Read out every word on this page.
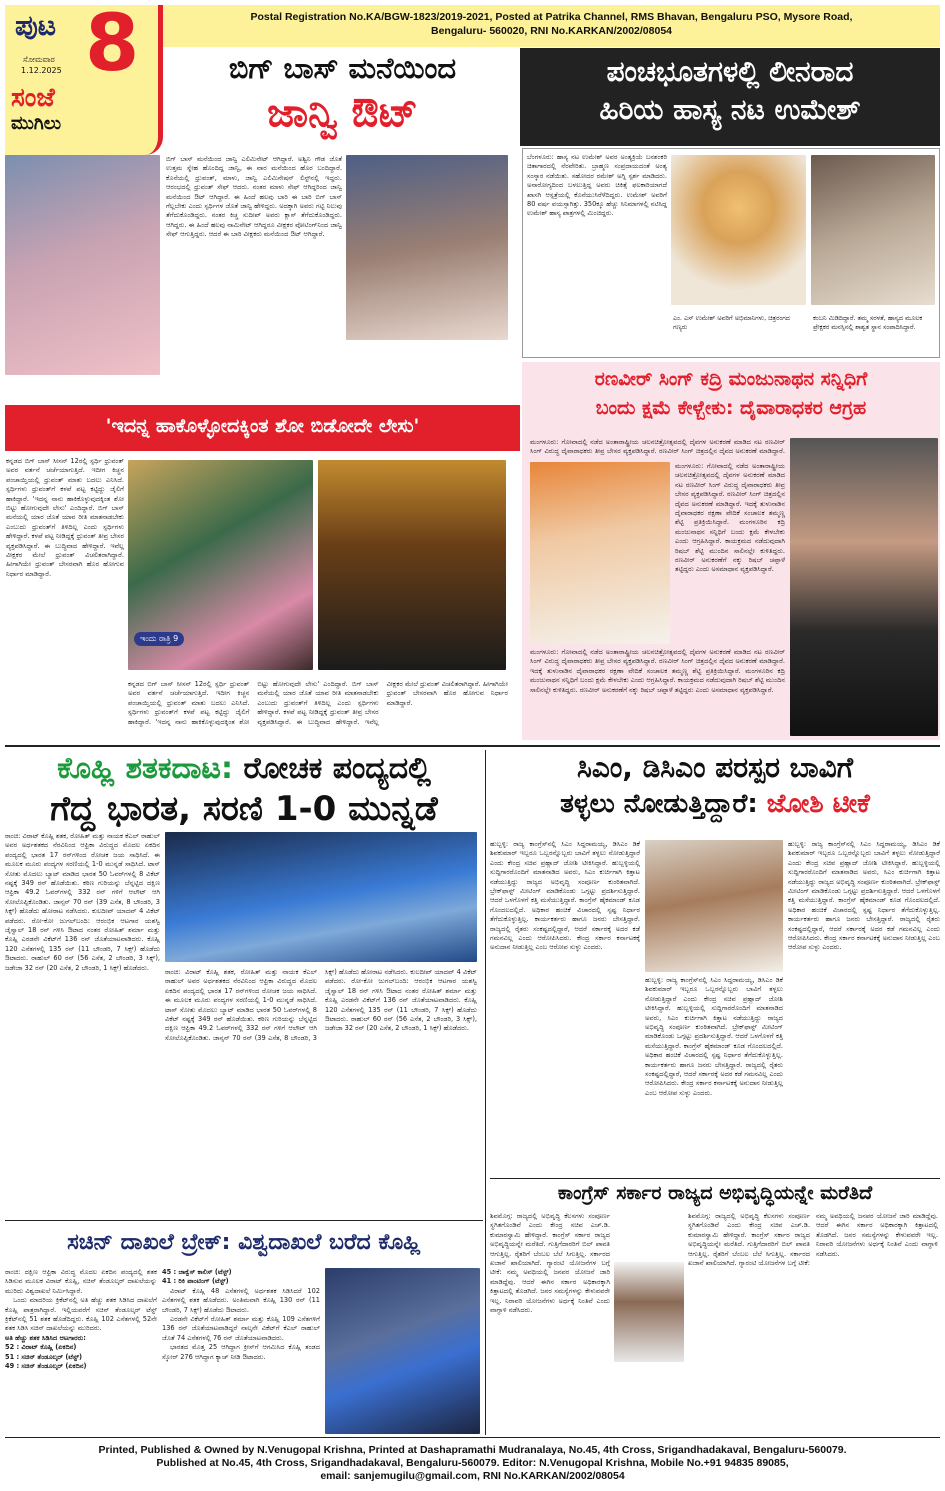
ಪುಟ 8
ಸೋಮವಾರ
1.12.2025
ಸಂಜೆ
ಮುಗಿಲು
Postal Registration No.KA/BGW-1823/2019-2021, Posted at Patrika Channel, RMS Bhavan, Bengaluru PSO, Mysore Road,
Bengaluru- 560020, RNI No.KARKAN/2002/08054
ಬಿಗ್ ಬಾಸ್ ಮನೆಯಿಂದ
ಜಾನ್ವಿ ಔಟ್
ಪಂಚಭೂತಗಳಲ್ಲಿ ಲೀನರಾದ
ಹಿರಿಯ ಹಾಸ್ಯ ನಟ ಉಮೇಶ್
ಬಿಗ್ ಬಾಸ್ ಮನೆಯಿಂದ ಜಾನ್ವಿ ಎಲಿಮಿನೇಟ್ ಆಗಿದ್ದಾರೆ. ಅಶ್ವಿನಿ ಗೌಡ ಜೊತೆ ಉತ್ತಮ ಸ್ನೇಹ ಹೊಂದಿದ್ದ ಜಾನ್ವಿ, ಈ ವಾರ ಮನೆಯಿಂದ ಹೊರ ಬಂದಿದ್ದಾರೆ. ಕೊನೆಯಲ್ಲಿ ಧ್ರುವಂತ್, ಮಾಳು, ಜಾನ್ವಿ ಎಲಿಮಿನೇಷನ್ ಲಿಸ್ಟ್‌ನಲ್ಲಿ ಇದ್ದರು. ಆರಂಭದಲ್ಲಿ ಧ್ರುವಂತ್ ಸೇಫ್ ಆದರು. ನಂತರ ಮಾಳು ಸೇಫ್ ಆಗಿದ್ದರಿಂದ ಜಾನ್ವಿ ಮನೆಯಿಂದ ಔಟ್ ಆಗಿದ್ದಾರೆ. ಈ ಹಿಂದೆ ಹಲವು ಬಾರಿ ಈ ಬಾರಿ ಬಿಗ್ ಬಾಸ್ ಗೆಲ್ಲಬೇಕು ಎಂದು ಸ್ಪರ್ಧಿಗಳ ಜೊತೆ ಜಾನ್ವಿ ಹೇಳಿದ್ದರು. ಅದಕ್ಕಾಗಿ ಅವರು ಗಟ್ಟಿ ನಿಲುವು ತೆಗೆದುಕೊಂಡಿದ್ದರು. ನಂತರ ಕಿಚ್ಚ ಸುದೀಪ್ ಅವರು ಕ್ಲಾಸ್ ತೆಗೆದುಕೊಂಡಿದ್ದರು. ಆಗಿದ್ದರು. ಈ ಹಿಂದೆ ಹಲವು ನಾಮಿನೇಟ್ ಆಗಿದ್ದರೂ ವೀಕ್ಷಕರ ವೋಟಿಂಗ್‌ನಿಂದ ಜಾನ್ವಿ ಸೇಫ್ ಆಗುತ್ತಿದ್ದರು. ಆದರೆ ಈ ಬಾರಿ ವೀಕ್ಷಕರು ಮನೆಯಿಂದ ಔಟ್ ಆಗಿದ್ದಾರೆ.
ಬೆಂಗಳೂರು: ಹಾಸ್ಯ ನಟ ಉಮೇಶ್ ಅವರ ಅಂತ್ಯಕ್ರಿಯೆ ಬನಶಂಕರಿ ಚಿತಾಗಾರದಲ್ಲಿ ನೆರವೇರಿತು. ಬ್ರಾಹ್ಮಣ ಸಂಪ್ರದಾಯದಂತೆ ಅಂತ್ಯ ಸಂಸ್ಕಾರ ನಡೆಯಿತು. ಸಹೋದರ ರಮೇಶ್ ಅಗ್ನಿ ಸ್ಪರ್ಶ ಮಾಡಿದರು. ಅನಾರೋಗ್ಯದಿಂದ ಬಳಲುತ್ತಿದ್ದ ಅವರು ಚಿಕಿತ್ಸೆ ಫಲಕಾರಿಯಾಗದೆ ಖಾಸಗಿ ಆಸ್ಪತ್ರೆಯಲ್ಲಿ ಕೊನೆಯುಸಿರೆಳೆದಿದ್ದರು. ಉಮೇಶ್ ಅವರಿಗೆ 80 ವರ್ಷ ವಯಸ್ಸಾಗಿತ್ತು. 350ಕ್ಕೂ ಹೆಚ್ಚು ಸಿನಿಮಾಗಳಲ್ಲಿ ನಟಿಸಿದ್ದ ಉಮೇಶ್ ಹಾಸ್ಯ ಪಾತ್ರಗಳಲ್ಲಿ ಮಿಂಚಿದ್ದರು.
ಎಂ. ಎಸ್ ಉಮೇಶ್ ಅವರಿಗೆ ಅಭಿಮಾನಿಗಳು, ಚಿತ್ರರಂಗದ ಗಣ್ಯರು
ಕಂಬನಿ ಮಿಡಿದಿದ್ದಾರೆ. ತಮ್ಮ ಸರಳತೆ, ಹಾಸ್ಯದ ಮೂಲಕ ಪ್ರೇಕ್ಷಕರ ಮನಸ್ಸಿನಲ್ಲಿ ಶಾಶ್ವತ ಸ್ಥಾನ ಸಂಪಾದಿಸಿದ್ದಾರೆ.
ರಣವೀರ್ ಸಿಂಗ್ ಕದ್ರಿ ಮಂಜುನಾಥನ ಸನ್ನಿಧಿಗೆ
ಬಂದು ಕ್ಷಮೆ ಕೇಳ್ಬೇಕು: ದೈವಾರಾಧಕರ ಆಗ್ರಹ
'ಇದನ್ನ ಹಾಕೊಳ್ಳೋದಕ್ಕಿಂತ ಶೋ ಬಿಡೋದೇ ಲೇಸು'
ಕನ್ನಡದ ಬಿಗ್ ಬಾಸ್ ಸೀಸನ್ 12ರಲ್ಲಿ ಸ್ಪರ್ಧಿ ಧ್ರುವಂತ್ ಅವರ ವರ್ತನೆ ಚರ್ಚೆಯಾಗುತ್ತಿದೆ. ಇದೀಗ ಕಿಚ್ಚನ ಪಂಚಾಯ್ತಿಯಲ್ಲಿ ಧ್ರುವಂತ್ ಮಾತು ಬದಲು ಎನಿಸಿದೆ. ಸ್ಪರ್ಧಿಗಳು ಧ್ರುವಂತ್‌ಗೆ ಕಳಪೆ ಪಟ್ಟ ಕಟ್ಟಿದ್ದು ಜೈಲಿಗೆ ಹಾಕಿದ್ದಾರೆ. 'ಇದನ್ನ ನಾನು ಹಾಕಿಕೊಳ್ಳುವುದಕ್ಕಿಂತ ಶೋ ಬಿಟ್ಟು ಹೋಗುವುದೇ ಲೇಸು' ಎಂದಿದ್ದಾರೆ. ಬಿಗ್ ಬಾಸ್ ಮನೆಯಲ್ಲಿ ಯಾರ ಜೊತೆ ಯಾವ ರೀತಿ ಮಾತನಾಡಬೇಕು ಎಂಬುದು ಧ್ರುವಂತ್‌ಗೆ ತಿಳಿದಿಲ್ಲ ಎಂದು ಸ್ಪರ್ಧಿಗಳು ಹೇಳಿದ್ದಾರೆ. ಕಳಪೆ ಪಟ್ಟ ನೀಡಿದ್ದಕ್ಕೆ ಧ್ರುವಂತ್ ತೀವ್ರ ಬೇಸರ ವ್ಯಕ್ತಪಡಿಸಿದ್ದಾರೆ. ಈ ಬುದ್ಧಿವಾದ ಹೇಳಿದ್ದಾರೆ. ಇವೆಲ್ಲ ವೀಕ್ಷಕರ ಮೇಲೆ ಧ್ರುವಂತ್ ವಿಚಲಿತರಾಗಿದ್ದಾರೆ. ಹೀಗಾಗಿಯೇ ಧ್ರುವಂತ್ ಬೇಸರವಾಗಿ ಹೊರ ಹೋಗುವ ನಿರ್ಧಾರ ಮಾಡಿದ್ದಾರೆ.
ಇಂದು ರಾತ್ರಿ 9
ಕನ್ನಡದ ಬಿಗ್ ಬಾಸ್ ಸೀಸನ್ 12ರಲ್ಲಿ ಸ್ಪರ್ಧಿ ಧ್ರುವಂತ್ ಅವರ ವರ್ತನೆ ಚರ್ಚೆಯಾಗುತ್ತಿದೆ. ಇದೀಗ ಕಿಚ್ಚನ ಪಂಚಾಯ್ತಿಯಲ್ಲಿ ಧ್ರುವಂತ್ ಮಾತು ಬದಲು ಎನಿಸಿದೆ. ಸ್ಪರ್ಧಿಗಳು ಧ್ರುವಂತ್‌ಗೆ ಕಳಪೆ ಪಟ್ಟ ಕಟ್ಟಿದ್ದು ಜೈಲಿಗೆ ಹಾಕಿದ್ದಾರೆ. 'ಇದನ್ನ ನಾನು ಹಾಕಿಕೊಳ್ಳುವುದಕ್ಕಿಂತ ಶೋ ಬಿಟ್ಟು ಹೋಗುವುದೇ ಲೇಸು' ಎಂದಿದ್ದಾರೆ. ಬಿಗ್ ಬಾಸ್ ಮನೆಯಲ್ಲಿ ಯಾರ ಜೊತೆ ಯಾವ ರೀತಿ ಮಾತನಾಡಬೇಕು ಎಂಬುದು ಧ್ರುವಂತ್‌ಗೆ ತಿಳಿದಿಲ್ಲ ಎಂದು ಸ್ಪರ್ಧಿಗಳು ಹೇಳಿದ್ದಾರೆ. ಕಳಪೆ ಪಟ್ಟ ನೀಡಿದ್ದಕ್ಕೆ ಧ್ರುವಂತ್ ತೀವ್ರ ಬೇಸರ ವ್ಯಕ್ತಪಡಿಸಿದ್ದಾರೆ. ಈ ಬುದ್ಧಿವಾದ ಹೇಳಿದ್ದಾರೆ. ಇವೆಲ್ಲ ವೀಕ್ಷಕರ ಮೇಲೆ ಧ್ರುವಂತ್ ವಿಚಲಿತರಾಗಿದ್ದಾರೆ. ಹೀಗಾಗಿಯೇ ಧ್ರುವಂತ್ ಬೇಸರವಾಗಿ ಹೊರ ಹೋಗುವ ನಿರ್ಧಾರ ಮಾಡಿದ್ದಾರೆ.
ಮಂಗಳೂರು: ಗೋವಾದಲ್ಲಿ ನಡೆದ ಅಂತಾರಾಷ್ಟ್ರೀಯ ಚಲನಚಿತ್ರೋತ್ಸವದಲ್ಲಿ ದೈವಗಳ ಅನುಕರಣೆ ಮಾಡಿದ ನಟ ರಣವೀರ್ ಸಿಂಗ್ ವಿರುದ್ಧ ದೈವಾರಾಧಕರು ತೀವ್ರ ಬೇಸರ ವ್ಯಕ್ತಪಡಿಸಿದ್ದಾರೆ. ರಣವೀರ್ ಸಿಂಗ್ ಚಿತ್ರದಲ್ಲಿನ ದೈವದ ಅನುಕರಣೆ ಮಾಡಿದ್ದಾರೆ.
ಮಂಗಳೂರು: ಗೋವಾದಲ್ಲಿ ನಡೆದ ಅಂತಾರಾಷ್ಟ್ರೀಯ ಚಲನಚಿತ್ರೋತ್ಸವದಲ್ಲಿ ದೈವಗಳ ಅನುಕರಣೆ ಮಾಡಿದ ನಟ ರಣವೀರ್ ಸಿಂಗ್ ವಿರುದ್ಧ ದೈವಾರಾಧಕರು ತೀವ್ರ ಬೇಸರ ವ್ಯಕ್ತಪಡಿಸಿದ್ದಾರೆ. ರಣವೀರ್ ಸಿಂಗ್ ಚಿತ್ರದಲ್ಲಿನ ದೈವದ ಅನುಕರಣೆ ಮಾಡಿದ್ದಾರೆ. ಇದಕ್ಕೆ ತುಳುನಾಡಿನ ದೈವಾರಾಧಕರ ರಕ್ಷಣಾ ವೇದಿಕೆ ಸಂಚಾಲಕ ತಮ್ಮಣ್ಣ ಶೆಟ್ಟಿ ಪ್ರತಿಕ್ರಿಯಿಸಿದ್ದಾರೆ. ಮಂಗಳೂರಿನ ಕದ್ರಿ ಮಂಜುನಾಥನ ಸನ್ನಿಧಿಗೆ ಬಂದು ಕ್ಷಮೆ ಕೇಳಬೇಕು ಎಂದು ಆಗ್ರಹಿಸಿದ್ದಾರೆ. ಕಾಯಕ್ರಮದ ನಡೆದುವುದಾಗಿ ರಿಷಬ್ ಶೆಟ್ಟಿ ಮುಂದಿನ ಸಾಲಿನಲ್ಲೇ ಕುಳಿತಿದ್ದರು. ರಣವೀರ್ ಅನುಕರಣೆಗೆ ನಕ್ಕು ರಿಷಬ್ ಚಪ್ಪಾಳೆ ತಟ್ಟಿದ್ದರು ಎಂದು ಅಸಮಾಧಾನ ವ್ಯಕ್ತಪಡಿಸಿದ್ದಾರೆ.
ಮಂಗಳೂರು: ಗೋವಾದಲ್ಲಿ ನಡೆದ ಅಂತಾರಾಷ್ಟ್ರೀಯ ಚಲನಚಿತ್ರೋತ್ಸವದಲ್ಲಿ ದೈವಗಳ ಅನುಕರಣೆ ಮಾಡಿದ ನಟ ರಣವೀರ್ ಸಿಂಗ್ ವಿರುದ್ಧ ದೈವಾರಾಧಕರು ತೀವ್ರ ಬೇಸರ ವ್ಯಕ್ತಪಡಿಸಿದ್ದಾರೆ. ರಣವೀರ್ ಸಿಂಗ್ ಚಿತ್ರದಲ್ಲಿನ ದೈವದ ಅನುಕರಣೆ ಮಾಡಿದ್ದಾರೆ. ಇದಕ್ಕೆ ತುಳುನಾಡಿನ ದೈವಾರಾಧಕರ ರಕ್ಷಣಾ ವೇದಿಕೆ ಸಂಚಾಲಕ ತಮ್ಮಣ್ಣ ಶೆಟ್ಟಿ ಪ್ರತಿಕ್ರಿಯಿಸಿದ್ದಾರೆ. ಮಂಗಳೂರಿನ ಕದ್ರಿ ಮಂಜುನಾಥನ ಸನ್ನಿಧಿಗೆ ಬಂದು ಕ್ಷಮೆ ಕೇಳಬೇಕು ಎಂದು ಆಗ್ರಹಿಸಿದ್ದಾರೆ. ಕಾಯಕ್ರಮದ ನಡೆದುವುದಾಗಿ ರಿಷಬ್ ಶೆಟ್ಟಿ ಮುಂದಿನ ಸಾಲಿನಲ್ಲೇ ಕುಳಿತಿದ್ದರು. ರಣವೀರ್ ಅನುಕರಣೆಗೆ ನಕ್ಕು ರಿಷಬ್ ಚಪ್ಪಾಳೆ ತಟ್ಟಿದ್ದರು ಎಂದು ಅಸಮಾಧಾನ ವ್ಯಕ್ತಪಡಿಸಿದ್ದಾರೆ.
ಕೊಹ್ಲಿ ಶತಕದಾಟ: ರೋಚಕ ಪಂದ್ಯದಲ್ಲಿ
ಗೆದ್ದ ಭಾರತ, ಸರಣಿ 1-0 ಮುನ್ನಡೆ
ರಾಂಚಿ: ವಿರಾಟ್ ಕೊಹ್ಲಿ ಶತಕ, ರೋಹಿತ್ ಮತ್ತು ನಾಯಕ ಕೆಎಲ್ ರಾಹುಲ್ ಅವರ ಅರ್ಧಶತಕದ ನೆರವಿನಿಂದ ಆಫ್ರಿಕಾ ವಿರುದ್ಧದ ಮೊದಲ ಏಕದಿನ ಪಂದ್ಯದಲ್ಲಿ ಭಾರತ 17 ರನ್‌ಗಳಿಂದ ರೋಚಕ ಜಯ ಸಾಧಿಸಿದೆ. ಈ ಮೂಲಕ ಮೂರು ಪಂದ್ಯಗಳ ಸರಣಿಯಲ್ಲಿ 1-0 ಮುನ್ನಡೆ ಸಾಧಿಸಿದೆ. ಟಾಸ್ ಸೋತು ಮೊದಲು ಬ್ಯಾಟ್ ಮಾಡಿದ ಭಾರತ 50 ಓವರ್‌ಗಳಲ್ಲಿ 8 ವಿಕೆಟ್ ನಷ್ಟಕ್ಕೆ 349 ರನ್ ಹೊಡೆಯಿತು. ಕಠಿಣ ಗುರಿಯನ್ನು ಬೆನ್ನಟ್ಟಿದ ದಕ್ಷಿಣ ಆಫ್ರಿಕಾ 49.2 ಓವರ್‌ಗಳಲ್ಲಿ 332 ರನ್ ಗಳಿಗೆ ಆಲೌಟ್ ಆಗಿ ಸೋಲೊಪ್ಪಿಕೊಂಡಿತು. ಜಾನ್ಸನ್ 70 ರನ್ (39 ಎಸೆತ, 8 ಬೌಂಡರಿ, 3 ಸಿಕ್ಸ್) ಹೊಡೆದು ಹೋರಾಟ ನಡೆಸಿದರು. ಕುಲದೀಪ್ ಯಾದವ್ 4 ವಿಕೆಟ್ ಪಡೆದರು. ರೋ-ಕೋ ಜುಗಲ್‌ಬಂದಿ: ಆರಂಭಿಕ ಆಟಗಾರ ಯಶಸ್ವಿ ಜೈಸ್ವಾಲ್ 18 ರನ್ ಗಳಿಸಿ ಔಟಾದ ನಂತರ ರೋಹಿತ್ ಶರ್ಮಾ ಮತ್ತು ಕೊಹ್ಲಿ ಎರಡನೇ ವಿಕೆಟ್‌ಗೆ 136 ರನ್ ಜೊತೆಯಾಟವಾಡಿದರು. ಕೊಹ್ಲಿ 120 ಎಸೆತಗಳಲ್ಲಿ 135 ರನ್ (11 ಬೌಂಡರಿ, 7 ಸಿಕ್ಸ್) ಹೊಡೆದು ಔಟಾದರು. ರಾಹುಲ್ 60 ರನ್ (56 ಎಸೆತ, 2 ಬೌಂಡರಿ, 3 ಸಿಕ್ಸ್), ಜಡೇಜಾ 32 ರನ್ (20 ಎಸೆತ, 2 ಬೌಂಡರಿ, 1 ಸಿಕ್ಸ್) ಹೊಡೆದರು.
ರಾಂಚಿ: ವಿರಾಟ್ ಕೊಹ್ಲಿ ಶತಕ, ರೋಹಿತ್ ಮತ್ತು ನಾಯಕ ಕೆಎಲ್ ರಾಹುಲ್ ಅವರ ಅರ್ಧಶತಕದ ನೆರವಿನಿಂದ ಆಫ್ರಿಕಾ ವಿರುದ್ಧದ ಮೊದಲ ಏಕದಿನ ಪಂದ್ಯದಲ್ಲಿ ಭಾರತ 17 ರನ್‌ಗಳಿಂದ ರೋಚಕ ಜಯ ಸಾಧಿಸಿದೆ. ಈ ಮೂಲಕ ಮೂರು ಪಂದ್ಯಗಳ ಸರಣಿಯಲ್ಲಿ 1-0 ಮುನ್ನಡೆ ಸಾಧಿಸಿದೆ. ಟಾಸ್ ಸೋತು ಮೊದಲು ಬ್ಯಾಟ್ ಮಾಡಿದ ಭಾರತ 50 ಓವರ್‌ಗಳಲ್ಲಿ 8 ವಿಕೆಟ್ ನಷ್ಟಕ್ಕೆ 349 ರನ್ ಹೊಡೆಯಿತು. ಕಠಿಣ ಗುರಿಯನ್ನು ಬೆನ್ನಟ್ಟಿದ ದಕ್ಷಿಣ ಆಫ್ರಿಕಾ 49.2 ಓವರ್‌ಗಳಲ್ಲಿ 332 ರನ್ ಗಳಿಗೆ ಆಲೌಟ್ ಆಗಿ ಸೋಲೊಪ್ಪಿಕೊಂಡಿತು. ಜಾನ್ಸನ್ 70 ರನ್ (39 ಎಸೆತ, 8 ಬೌಂಡರಿ, 3 ಸಿಕ್ಸ್) ಹೊಡೆದು ಹೋರಾಟ ನಡೆಸಿದರು. ಕುಲದೀಪ್ ಯಾದವ್ 4 ವಿಕೆಟ್ ಪಡೆದರು. ರೋ-ಕೋ ಜುಗಲ್‌ಬಂದಿ: ಆರಂಭಿಕ ಆಟಗಾರ ಯಶಸ್ವಿ ಜೈಸ್ವಾಲ್ 18 ರನ್ ಗಳಿಸಿ ಔಟಾದ ನಂತರ ರೋಹಿತ್ ಶರ್ಮಾ ಮತ್ತು ಕೊಹ್ಲಿ ಎರಡನೇ ವಿಕೆಟ್‌ಗೆ 136 ರನ್ ಜೊತೆಯಾಟವಾಡಿದರು. ಕೊಹ್ಲಿ 120 ಎಸೆತಗಳಲ್ಲಿ 135 ರನ್ (11 ಬೌಂಡರಿ, 7 ಸಿಕ್ಸ್) ಹೊಡೆದು ಔಟಾದರು. ರಾಹುಲ್ 60 ರನ್ (56 ಎಸೆತ, 2 ಬೌಂಡರಿ, 3 ಸಿಕ್ಸ್), ಜಡೇಜಾ 32 ರನ್ (20 ಎಸೆತ, 2 ಬೌಂಡರಿ, 1 ಸಿಕ್ಸ್) ಹೊಡೆದರು.
ಸಿಎಂ, ಡಿಸಿಎಂ ಪರಸ್ಪರ ಬಾವಿಗೆ
ತಳ್ಳಲು ನೋಡುತ್ತಿದ್ದಾರೆ: ಜೋಶಿ ಟೀಕೆ
ಹುಬ್ಬಳ್ಳಿ: ರಾಜ್ಯ ಕಾಂಗ್ರೆಸ್‌ನಲ್ಲಿ ಸಿಎಂ ಸಿದ್ದರಾಮಯ್ಯ, ಡಿಸಿಎಂ ಡಿಕೆ ಶಿವಕುಮಾರ್ ಇಬ್ಬರೂ ಒಬ್ಬರನ್ನೊಬ್ಬರು ಬಾವಿಗೆ ತಳ್ಳಲು ನೋಡುತ್ತಿದ್ದಾರೆ ಎಂದು ಕೇಂದ್ರ ಸಚಿವ ಪ್ರಹ್ಲಾದ್ ಜೋಶಿ ಟೀಕಿಸಿದ್ದಾರೆ. ಹುಬ್ಬಳ್ಳಿಯಲ್ಲಿ ಸುದ್ದಿಗಾರರೊಂದಿಗೆ ಮಾತನಾಡಿದ ಅವರು, ಸಿಎಂ ಕುರ್ಚಿಗಾಗಿ ಕಿತ್ತಾಟ ನಡೆಯುತ್ತಿದ್ದು ರಾಜ್ಯದ ಅಭಿವೃದ್ಧಿ ಸಂಪೂರ್ಣ ಕುಂಠಿತವಾಗಿದೆ. ಬ್ರೇಕ್‌ಫಾಸ್ಟ್ ಮೀಟಿಂಗ್ ಮಾಡಿಕೊಂಡು ಒಗ್ಗಟ್ಟು ಪ್ರದರ್ಶಿಸುತ್ತಿದ್ದಾರೆ. ಆದರೆ ಒಳಗೊಳಗೆ ಕತ್ತಿ ಮಸೆಯುತ್ತಿದ್ದಾರೆ. ಕಾಂಗ್ರೆಸ್ ಹೈಕಮಾಂಡ್ ಕೂಡ ಗೊಂದಲದಲ್ಲಿದೆ. ಅಧಿಕಾರ ಹಂಚಿಕೆ ವಿಚಾರದಲ್ಲಿ ಸ್ಪಷ್ಟ ನಿರ್ಧಾರ ತೆಗೆದುಕೊಳ್ಳುತ್ತಿಲ್ಲ. ಕಾರ್ಯಕರ್ತರು ಹಾಗೂ ಜನರು ಬೇಸತ್ತಿದ್ದಾರೆ. ರಾಜ್ಯದಲ್ಲಿ ರೈತರು ಸಂಕಷ್ಟದಲ್ಲಿದ್ದಾರೆ, ಆದರೆ ಸರ್ಕಾರಕ್ಕೆ ಅದರ ಕಡೆ ಗಮನವಿಲ್ಲ ಎಂದು ಆರೋಪಿಸಿದರು. ಕೇಂದ್ರ ಸರ್ಕಾರ ಕರ್ನಾಟಕಕ್ಕೆ ಅನುದಾನ ನೀಡುತ್ತಿಲ್ಲ ಎಂಬ ಆರೋಪ ಸುಳ್ಳು ಎಂದರು.
ಹುಬ್ಬಳ್ಳಿ: ರಾಜ್ಯ ಕಾಂಗ್ರೆಸ್‌ನಲ್ಲಿ ಸಿಎಂ ಸಿದ್ದರಾಮಯ್ಯ, ಡಿಸಿಎಂ ಡಿಕೆ ಶಿವಕುಮಾರ್ ಇಬ್ಬರೂ ಒಬ್ಬರನ್ನೊಬ್ಬರು ಬಾವಿಗೆ ತಳ್ಳಲು ನೋಡುತ್ತಿದ್ದಾರೆ ಎಂದು ಕೇಂದ್ರ ಸಚಿವ ಪ್ರಹ್ಲಾದ್ ಜೋಶಿ ಟೀಕಿಸಿದ್ದಾರೆ. ಹುಬ್ಬಳ್ಳಿಯಲ್ಲಿ ಸುದ್ದಿಗಾರರೊಂದಿಗೆ ಮಾತನಾಡಿದ ಅವರು, ಸಿಎಂ ಕುರ್ಚಿಗಾಗಿ ಕಿತ್ತಾಟ ನಡೆಯುತ್ತಿದ್ದು ರಾಜ್ಯದ ಅಭಿವೃದ್ಧಿ ಸಂಪೂರ್ಣ ಕುಂಠಿತವಾಗಿದೆ. ಬ್ರೇಕ್‌ಫಾಸ್ಟ್ ಮೀಟಿಂಗ್ ಮಾಡಿಕೊಂಡು ಒಗ್ಗಟ್ಟು ಪ್ರದರ್ಶಿಸುತ್ತಿದ್ದಾರೆ. ಆದರೆ ಒಳಗೊಳಗೆ ಕತ್ತಿ ಮಸೆಯುತ್ತಿದ್ದಾರೆ. ಕಾಂಗ್ರೆಸ್ ಹೈಕಮಾಂಡ್ ಕೂಡ ಗೊಂದಲದಲ್ಲಿದೆ. ಅಧಿಕಾರ ಹಂಚಿಕೆ ವಿಚಾರದಲ್ಲಿ ಸ್ಪಷ್ಟ ನಿರ್ಧಾರ ತೆಗೆದುಕೊಳ್ಳುತ್ತಿಲ್ಲ. ಕಾರ್ಯಕರ್ತರು ಹಾಗೂ ಜನರು ಬೇಸತ್ತಿದ್ದಾರೆ. ರಾಜ್ಯದಲ್ಲಿ ರೈತರು ಸಂಕಷ್ಟದಲ್ಲಿದ್ದಾರೆ, ಆದರೆ ಸರ್ಕಾರಕ್ಕೆ ಅದರ ಕಡೆ ಗಮನವಿಲ್ಲ ಎಂದು ಆರೋಪಿಸಿದರು. ಕೇಂದ್ರ ಸರ್ಕಾರ ಕರ್ನಾಟಕಕ್ಕೆ ಅನುದಾನ ನೀಡುತ್ತಿಲ್ಲ ಎಂಬ ಆರೋಪ ಸುಳ್ಳು ಎಂದರು.
ಹುಬ್ಬಳ್ಳಿ: ರಾಜ್ಯ ಕಾಂಗ್ರೆಸ್‌ನಲ್ಲಿ ಸಿಎಂ ಸಿದ್ದರಾಮಯ್ಯ, ಡಿಸಿಎಂ ಡಿಕೆ ಶಿವಕುಮಾರ್ ಇಬ್ಬರೂ ಒಬ್ಬರನ್ನೊಬ್ಬರು ಬಾವಿಗೆ ತಳ್ಳಲು ನೋಡುತ್ತಿದ್ದಾರೆ ಎಂದು ಕೇಂದ್ರ ಸಚಿವ ಪ್ರಹ್ಲಾದ್ ಜೋಶಿ ಟೀಕಿಸಿದ್ದಾರೆ. ಹುಬ್ಬಳ್ಳಿಯಲ್ಲಿ ಸುದ್ದಿಗಾರರೊಂದಿಗೆ ಮಾತನಾಡಿದ ಅವರು, ಸಿಎಂ ಕುರ್ಚಿಗಾಗಿ ಕಿತ್ತಾಟ ನಡೆಯುತ್ತಿದ್ದು ರಾಜ್ಯದ ಅಭಿವೃದ್ಧಿ ಸಂಪೂರ್ಣ ಕುಂಠಿತವಾಗಿದೆ. ಬ್ರೇಕ್‌ಫಾಸ್ಟ್ ಮೀಟಿಂಗ್ ಮಾಡಿಕೊಂಡು ಒಗ್ಗಟ್ಟು ಪ್ರದರ್ಶಿಸುತ್ತಿದ್ದಾರೆ. ಆದರೆ ಒಳಗೊಳಗೆ ಕತ್ತಿ ಮಸೆಯುತ್ತಿದ್ದಾರೆ. ಕಾಂಗ್ರೆಸ್ ಹೈಕಮಾಂಡ್ ಕೂಡ ಗೊಂದಲದಲ್ಲಿದೆ. ಅಧಿಕಾರ ಹಂಚಿಕೆ ವಿಚಾರದಲ್ಲಿ ಸ್ಪಷ್ಟ ನಿರ್ಧಾರ ತೆಗೆದುಕೊಳ್ಳುತ್ತಿಲ್ಲ. ಕಾರ್ಯಕರ್ತರು ಹಾಗೂ ಜನರು ಬೇಸತ್ತಿದ್ದಾರೆ. ರಾಜ್ಯದಲ್ಲಿ ರೈತರು ಸಂಕಷ್ಟದಲ್ಲಿದ್ದಾರೆ, ಆದರೆ ಸರ್ಕಾರಕ್ಕೆ ಅದರ ಕಡೆ ಗಮನವಿಲ್ಲ ಎಂದು ಆರೋಪಿಸಿದರು. ಕೇಂದ್ರ ಸರ್ಕಾರ ಕರ್ನಾಟಕಕ್ಕೆ ಅನುದಾನ ನೀಡುತ್ತಿಲ್ಲ ಎಂಬ ಆರೋಪ ಸುಳ್ಳು ಎಂದರು.
ಕಾಂಗ್ರೆಸ್ ಸರ್ಕಾರ ರಾಜ್ಯದ ಅಭಿವೃದ್ಧಿಯನ್ನೇ ಮರೆತಿದೆ
ಶಿವಮೊಗ್ಗ: ರಾಜ್ಯದಲ್ಲಿ ಅಭಿವೃದ್ಧಿ ಕೆಲಸಗಳು ಸಂಪೂರ್ಣ ಸ್ಥಗಿತಗೊಂಡಿವೆ ಎಂದು ಕೇಂದ್ರ ಸಚಿವ ಎಚ್.ಡಿ. ಕುಮಾರಸ್ವಾಮಿ ಹೇಳಿದ್ದಾರೆ. ಕಾಂಗ್ರೆಸ್ ಸರ್ಕಾರ ರಾಜ್ಯದ ಅಭಿವೃದ್ಧಿಯನ್ನೇ ಮರೆತಿದೆ. ಗುತ್ತಿಗೆದಾರರಿಗೆ ಬಿಲ್ ಪಾವತಿ ಆಗುತ್ತಿಲ್ಲ. ರೈತರಿಗೆ ಬೆಂಬಲ ಬೆಲೆ ಸಿಗುತ್ತಿಲ್ಲ. ಸರ್ಕಾರದ ಖಜಾನೆ ಖಾಲಿಯಾಗಿದೆ. ಗ್ಯಾರಂಟಿ ಯೋಜನೆಗಳ ಬಗ್ಗೆ ಟೀಕೆ: ನಮ್ಮ ಅವಧಿಯಲ್ಲಿ ಜನಪರ ಯೋಜನೆ ಜಾರಿ ಮಾಡಿದ್ದೆವು. ಆದರೆ ಈಗಿನ ಸರ್ಕಾರ ಅಧಿಕಾರಕ್ಕಾಗಿ ಕಿತ್ತಾಟದಲ್ಲಿ ತೊಡಗಿದೆ. ಜನರ ಸಮಸ್ಯೆಗಳನ್ನು ಕೇಳುವವರೇ ಇಲ್ಲ. ನಿರಾವರಿ ಯೋಜನೆಗಳು ಅರ್ಧಕ್ಕೆ ನಿಂತಿವೆ ಎಂದು ವಾಗ್ದಾಳಿ ನಡೆಸಿದರು.
ಶಿವಮೊಗ್ಗ: ರಾಜ್ಯದಲ್ಲಿ ಅಭಿವೃದ್ಧಿ ಕೆಲಸಗಳು ಸಂಪೂರ್ಣ ಸ್ಥಗಿತಗೊಂಡಿವೆ ಎಂದು ಕೇಂದ್ರ ಸಚಿವ ಎಚ್.ಡಿ. ಕುಮಾರಸ್ವಾಮಿ ಹೇಳಿದ್ದಾರೆ. ಕಾಂಗ್ರೆಸ್ ಸರ್ಕಾರ ರಾಜ್ಯದ ಅಭಿವೃದ್ಧಿಯನ್ನೇ ಮರೆತಿದೆ. ಗುತ್ತಿಗೆದಾರರಿಗೆ ಬಿಲ್ ಪಾವತಿ ಆಗುತ್ತಿಲ್ಲ. ರೈತರಿಗೆ ಬೆಂಬಲ ಬೆಲೆ ಸಿಗುತ್ತಿಲ್ಲ. ಸರ್ಕಾರದ ಖಜಾನೆ ಖಾಲಿಯಾಗಿದೆ. ಗ್ಯಾರಂಟಿ ಯೋಜನೆಗಳ ಬಗ್ಗೆ ಟೀಕೆ: ನಮ್ಮ ಅವಧಿಯಲ್ಲಿ ಜನಪರ ಯೋಜನೆ ಜಾರಿ ಮಾಡಿದ್ದೆವು. ಆದರೆ ಈಗಿನ ಸರ್ಕಾರ ಅಧಿಕಾರಕ್ಕಾಗಿ ಕಿತ್ತಾಟದಲ್ಲಿ ತೊಡಗಿದೆ. ಜನರ ಸಮಸ್ಯೆಗಳನ್ನು ಕೇಳುವವರೇ ಇಲ್ಲ. ನಿರಾವರಿ ಯೋಜನೆಗಳು ಅರ್ಧಕ್ಕೆ ನಿಂತಿವೆ ಎಂದು ವಾಗ್ದಾಳಿ ನಡೆಸಿದರು.
ಸಚಿನ್ ದಾಖಲೆ ಬ್ರೇಕ್: ವಿಶ್ವದಾಖಲೆ ಬರೆದ ಕೊಹ್ಲಿ

ರಾಂಚಿ: ದಕ್ಷಿಣ ಆಫ್ರಿಕಾ ವಿರುದ್ಧ ಮೊದಲ ಏಕದಿನ ಪಂದ್ಯದಲ್ಲಿ ಶತಕ ಸಿಡಿಸುವ ಮೂಲಕ ವಿರಾಟ್ ಕೊಹ್ಲಿ, ಸಚಿನ್ ತೆಂಡೂಲ್ಕರ್ ದಾಖಲೆಯನ್ನು ಮುರಿದು ವಿಶ್ವದಾಖಲೆ ನಿರ್ಮಿಸಿದ್ದಾರೆ.

ಒಂದು ಮಾದರಿಯ ಕ್ರಿಕೆಟ್‌ನಲ್ಲಿ ಅತಿ ಹೆಚ್ಚು ಶತಕ ಸಿಡಿಸಿದ ದಾಖಲೆಗೆ ಕೊಹ್ಲಿ ಪಾತ್ರರಾಗಿದ್ದಾರೆ. ಇಲ್ಲಿಯವರೆಗೆ ಸಚಿನ್ ತೆಂಡೂಲ್ಕರ್ ಟೆಸ್ಟ್ ಕ್ರಿಕೆಟ್‌ನಲ್ಲಿ 51 ಶತಕ ಹೊಡೆದಿದ್ದರು. ಕೊಹ್ಲಿ 102 ಎಸೆತಗಳಲ್ಲಿ 52ನೇ ಶತಕ ಸಿಡಿಸಿ ಸಚಿನ್ ದಾಖಲೆಯನ್ನು ಮುರಿದರು.

ಅತಿ ಹೆಚ್ಚು ಶತಕ ಸಿಡಿಸಿದ ಆಟಗಾರರು:
52 : ವಿರಾಟ್ ಕೊಹ್ಲಿ (ಏಕದಿನ)
51 : ಸಚಿನ್ ತೆಂಡೂಲ್ಕರ್ (ಟೆಸ್ಟ್)
49 : ಸಚಿನ್ ತೆಂಡೂಲ್ಕರ್ (ಏಕದಿನ)
45 : ಜಾಕ್ವೆಸ್ ಕಾಲಿಸ್ (ಟೆಸ್ಟ್)
41 : ರಿಕಿ ಪಾಂಟಿಂಗ್ (ಟೆಸ್ಟ್)

ವಿರಾಟ್ ಕೊಹ್ಲಿ 48 ಎಸೆತಗಳಲ್ಲಿ ಅರ್ಧಶತಕ ಸಿಡಿಸಿದರೆ 102 ಎಸೆತಗಳಲ್ಲಿ ಶತಕ ಹೊಡೆದರು. ಅಂತಿಮವಾಗಿ ಕೊಹ್ಲಿ 130 ರನ್ (11 ಬೌಂಡರಿ, 7 ಸಿಕ್ಸ್) ಹೊಡೆದು ಔಟಾದರು.

ಎರಡನೇ ವಿಕೆಟ್‌ಗೆ ರೋಹಿತ್ ಶರ್ಮಾ ಮತ್ತು ಕೊಹ್ಲಿ 109 ಎಸೆತಗಳಿಗೆ 136 ರನ್ ಜೊತೆಯಾಟವಾಡಿದ್ದರೆ ನಾಲ್ಕನೇ ವಿಕೆಟ್‌ಗೆ ಕೆಎಲ್ ರಾಹುಲ್ ಜೊತೆ 74 ಎಸೆತಗಳಲ್ಲಿ 76 ರನ್ ಜೊತೆಯಾಟವಾಡಿದರು.

ಭಾರತದ ಮೊತ್ತ 25 ಆಗಿದ್ದಾಗ ಕ್ರೀಸ್‌ಗೆ ಆಗಮಿಸಿದ ಕೊಹ್ಲಿ ತಂಡದ ಸ್ಕೋರ್ 276 ಆಗಿದ್ದಾಗ ಕ್ಯಾಚ್ ನೀಡಿ ಔಟಾದರು.

Printed, Published & Owned by N.Venugopal Krishna, Printed at Dashapramathi Mudranalaya, No.45, 4th Cross, Srigandhadakaval, Bengaluru-560079.
Published at No.45, 4th Cross, Srigandhadakaval, Bengaluru-560079. Editor: N.Venugopal Krishna, Mobile No.+91 94835 89085,
email: sanjemugilu@gmail.com, RNI No.KARKAN/2002/08054
